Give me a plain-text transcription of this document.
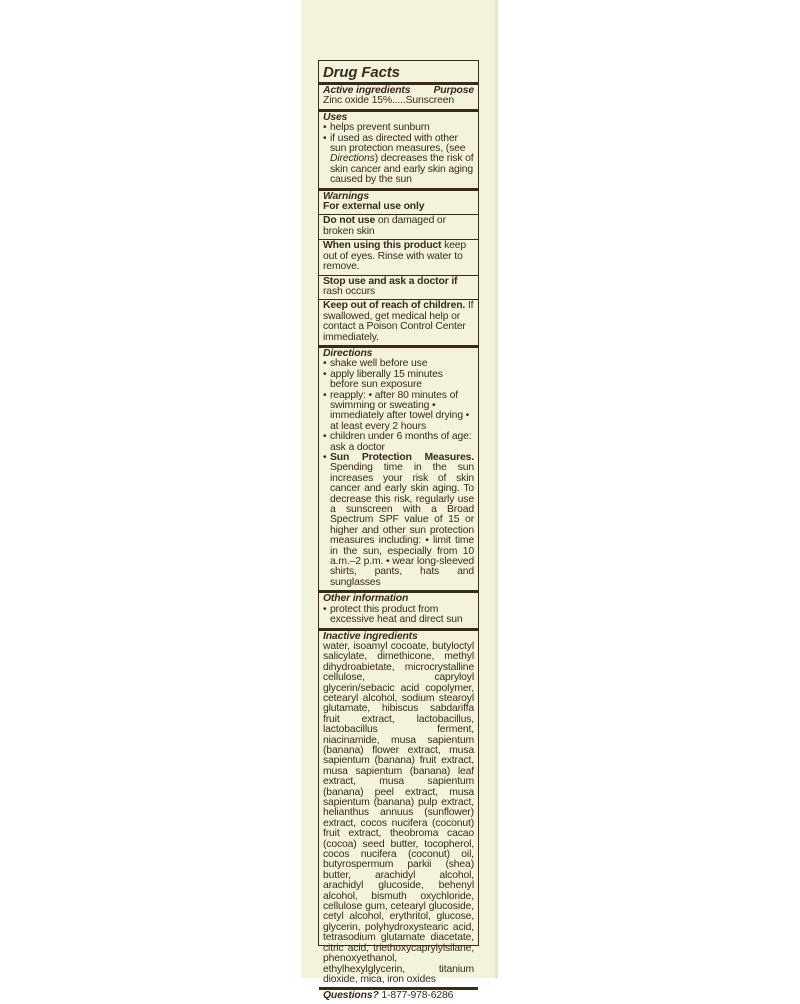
Drug Facts
Active ingredients Purpose
Zinc oxide 15%.....Sunscreen
Uses
• helps prevent sunburn
• if used as directed with other sun protection measures, (see Directions) decreases the risk of skin cancer and early skin aging caused by the sun
Warnings
For external use only
Do not use on damaged or broken skin
When using this product keep out of eyes. Rinse with water to remove.
Stop use and ask a doctor if rash occurs
Keep out of reach of children. If swallowed, get medical help or contact a Poison Control Center immediately.
Directions
• shake well before use
• apply liberally 15 minutes before sun exposure
• reapply: • after 80 minutes of swimming or sweating • immediately after towel drying • at least every 2 hours
• children under 6 months of age: ask a doctor
• Sun Protection Measures. Spending time in the sun increases your risk of skin cancer and early skin aging. To decrease this risk, regularly use a sunscreen with a Broad Spectrum SPF value of 15 or higher and other sun protection measures including: • limit time in the sun, especially from 10 a.m.–2 p.m. • wear long-sleeved shirts, pants, hats and sunglasses
Other information
• protect this product from excessive heat and direct sun
Inactive ingredients
water, isoamyl cocoate, butyloctyl salicylate, dimethicone, methyl dihydroabietate, microcrystalline cellulose, capryloyl glycerin/sebacic acid copolymer, cetearyl alcohol, sodium stearoyl glutamate, hibiscus sabdariffa fruit extract, lactobacillus, lactobacillus ferment, niacinamide, musa sapientum (banana) flower extract, musa sapientum (banana) fruit extract, musa sapientum (banana) leaf extract, musa sapientum (banana) peel extract, musa sapientum (banana) pulp extract, helianthus annuus (sunflower) extract, cocos nucifera (coconut) fruit extract, theobroma cacao (cocoa) seed butter, tocopherol, cocos nucifera (coconut) oil, butyrospermum parkii (shea) butter, arachidyl alcohol, arachidyl glucoside, behenyl alcohol, bismuth oxychloride, cellulose gum, cetearyl glucoside, cetyl alcohol, erythritol, glucose, glycerin, polyhydroxystearic acid, tetrasodium glutamate diacetate, citric acid, triethoxycaprylylsilane, phenoxyethanol, ethylhexylglycerin, titanium dioxide, mica, iron oxides
Questions? 1-877-978-6286
